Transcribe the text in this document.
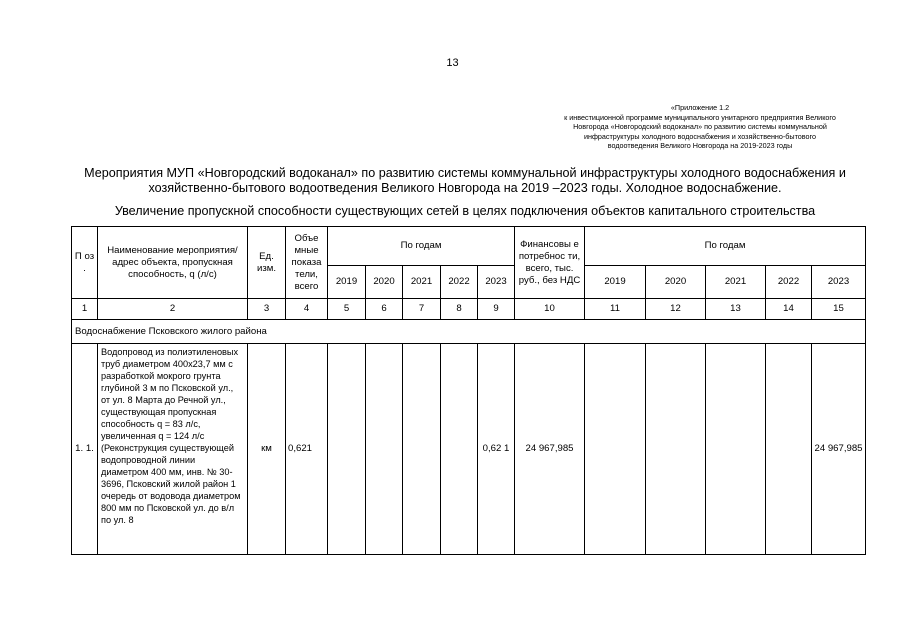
13
«Приложение 1.2
к инвестиционной программе муниципального унитарного предприятия Великого
Новгорода «Новгородский водоканал» по развитию системы коммунальной
инфраструктуры холодного водоснабжения и хозяйственно-бытового
водоотведения Великого Новгорода на 2019-2023 годы
Мероприятия МУП «Новгородский водоканал» по развитию системы коммунальной инфраструктуры холодного водоснабжения и
хозяйственно-бытового водоотведения Великого Новгорода на 2019 –2023 годы. Холодное водоснабжение.
Увеличение пропускной способности существующих сетей в целях подключения объектов капитального строительства
П оз .	Наименование мероприятия/адрес объекта, пропускная способность, q (л/с)	Ед. изм.	Объе мные показа тели, всего	По годам					Финансовы е потребнос ти, всего, тыс. руб., без НДС	По годам				
				2019	2020	2021	2022	2023		2019	2020	2021	2022	2023
1	2	3	4	5	6	7	8	9	10	11	12	13	14	15
Водоснабжение Псковского жилого района														
1. 1.	Водопровод из полиэтиленовых труб диаметром 400х23,7 мм с разработкой мокрого грунта глубиной 3 м по Псковской ул., от ул. 8 Марта до Речной ул., существующая пропускная способность q = 83 л/с, увеличенная q = 124 л/с (Реконструкция существующей водопроводной линии диаметром 400 мм, инв. № 30-3696, Псковский жилой район 1 очередь от водовода диаметром 800 мм по Псковской ул. до в/л по ул. 8	км	0,621					0,62 1	24 967,985					24 967,985
